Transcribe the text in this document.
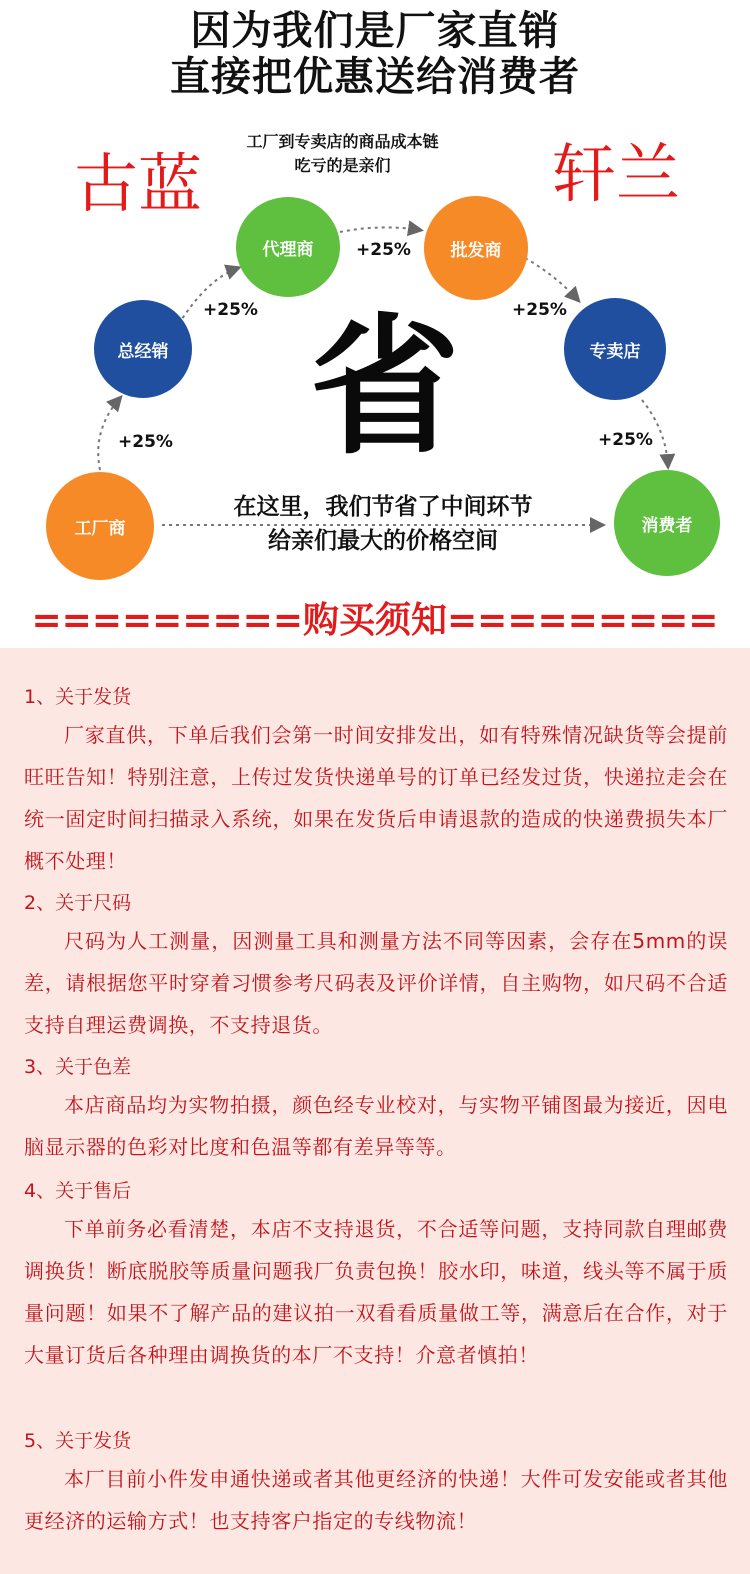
因为我们是厂家直销
直接把优惠送给消费者
工厂到专卖店的商品成本链
吃亏的是亲们
古蓝	轩兰
工厂商
总经销
代理商	批发商
专卖店
消费者
+25%
+25%
+25%
+25%
+25%
省
在这里，我们节省了中间环节
给亲们最大的价格空间
=========购买须知=========
1、关于发货
厂家直供，下单后我们会第一时间安排发出，如有特殊情况缺货等会提前旺旺告知！特别注意，上传过发货快递单号的订单已经发过货，快递拉走会在统一固定时间扫描录入系统，如果在发货后申请退款的造成的快递费损失本厂概不处理！
2、关于尺码
尺码为人工测量，因测量工具和测量方法不同等因素，会存在5mm的误差，请根据您平时穿着习惯参考尺码表及评价详情，自主购物，如尺码不合适支持自理运费调换，不支持退货。
3、关于色差
本店商品均为实物拍摄，颜色经专业校对，与实物平铺图最为接近，因电脑显示器的色彩对比度和色温等都有差异等等。
4、关于售后
下单前务必看清楚，本店不支持退货，不合适等问题，支持同款自理邮费调换货！断底脱胶等质量问题我厂负责包换！胶水印，味道，线头等不属于质量问题！如果不了解产品的建议拍一双看看质量做工等，满意后在合作，对于大量订货后各种理由调换货的本厂不支持！介意者慎拍！
5、关于发货
本厂目前小件发申通快递或者其他更经济的快递！大件可发安能或者其他更经济的运输方式！也支持客户指定的专线物流！
